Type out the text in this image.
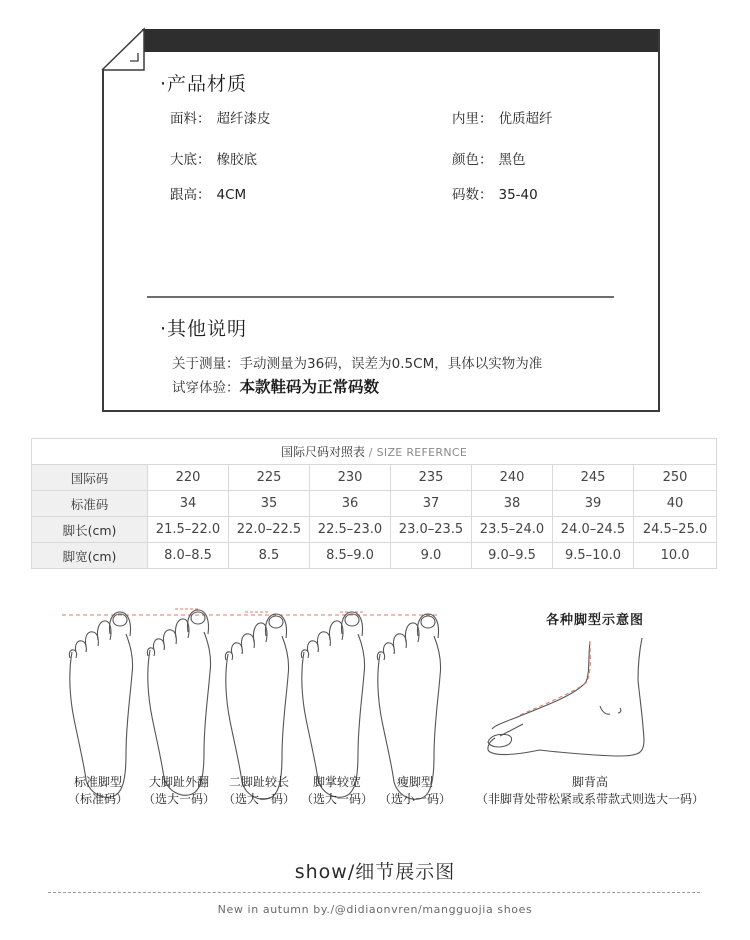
·产品材质
面料： 超纤漆皮	内里： 优质超纤
大底： 橡胶底	颜色： 黑色
跟高： 4CM	码数： 35-40
·其他说明
关于测量：手动测量为36码，误差为0.5CM，具体以实物为准
试穿体验：本款鞋码为正常码数
国际尺码对照表 / SIZE REFERNCE							
国际码	220	225	230	235	240	245	250
标准码	34	35	36	37	38	39	40
脚长(cm)	21.5–22.0	22.0–22.5	22.5–23.0	23.0–23.5	23.5–24.0	24.0–24.5	24.5–25.0
脚宽(cm)	8.0–8.5	8.5	8.5–9.0	9.0	9.0–9.5	9.5–10.0	10.0
标准脚型
（标准码）
大脚趾外翻
（选大一码）
二脚趾较长
（选大一码）
脚掌较宽
（选大一码）
瘦脚型
（选小一码）
各种脚型示意图
脚背高
（非脚背处带松紧或系带款式则选大一码）
show/细节展示图
New in autumn by./@didiaonvren/mangguojia shoes
